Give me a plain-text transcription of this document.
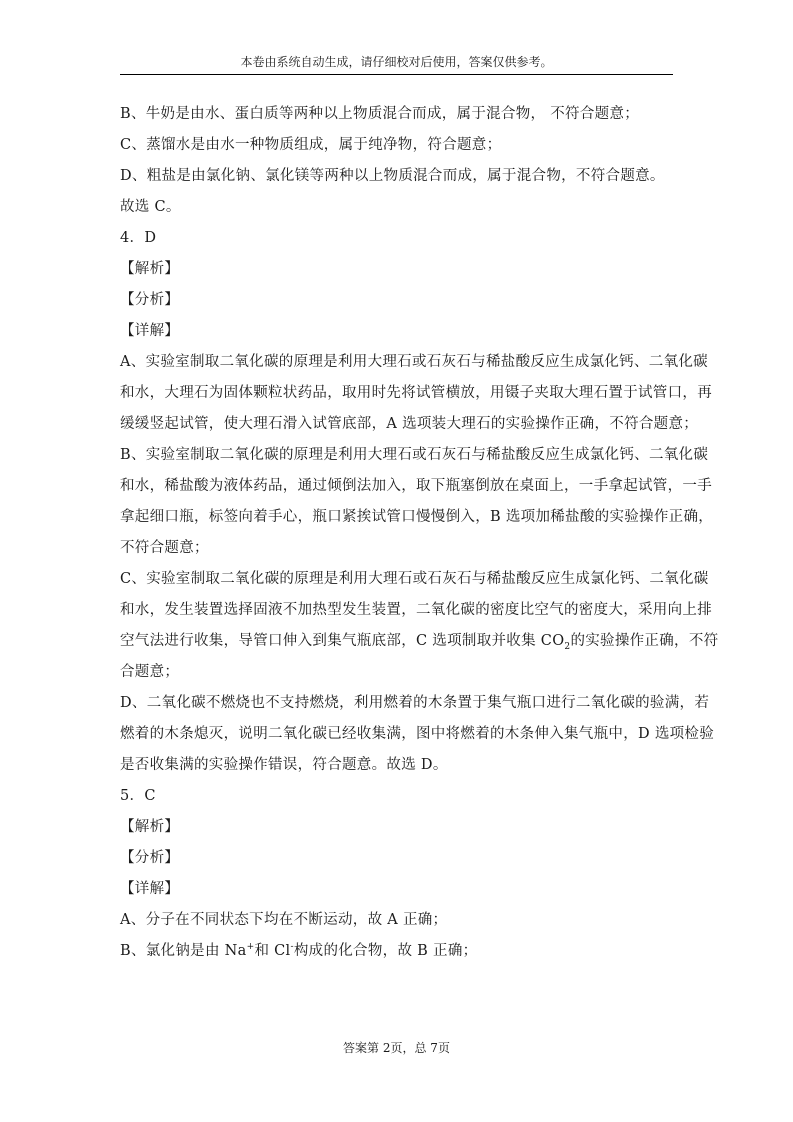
本卷由系统自动生成，请仔细校对后使用，答案仅供参考。
B、牛奶是由水、蛋白质等两种以上物质混合而成，属于混合物， 不符合题意；
C、蒸馏水是由水一种物质组成，属于纯净物，符合题意；
D、粗盐是由氯化钠、氯化镁等两种以上物质混合而成，属于混合物，不符合题意。
故选 C。
4．D
【解析】
【分析】
【详解】
A、实验室制取二氧化碳的原理是利用大理石或石灰石与稀盐酸反应生成氯化钙、二氧化碳
和水，大理石为固体颗粒状药品，取用时先将试管横放，用镊子夹取大理石置于试管口，再
缓缓竖起试管，使大理石滑入试管底部，A 选项装大理石的实验操作正确，不符合题意；
B、实验室制取二氧化碳的原理是利用大理石或石灰石与稀盐酸反应生成氯化钙、二氧化碳
和水，稀盐酸为液体药品，通过倾倒法加入，取下瓶塞倒放在桌面上，一手拿起试管，一手
拿起细口瓶，标签向着手心，瓶口紧挨试管口慢慢倒入，B 选项加稀盐酸的实验操作正确，
不符合题意；
C、实验室制取二氧化碳的原理是利用大理石或石灰石与稀盐酸反应生成氯化钙、二氧化碳
和水，发生装置选择固液不加热型发生装置，二氧化碳的密度比空气的密度大，采用向上排
空气法进行收集，导管口伸入到集气瓶底部，C 选项制取并收集 $CO_2$的实验操作正确，不符
合题意；
D、二氧化碳不燃烧也不支持燃烧，利用燃着的木条置于集气瓶口进行二氧化碳的验满，若
燃着的木条熄灭，说明二氧化碳已经收集满，图中将燃着的木条伸入集气瓶中，D 选项检验
是否收集满的实验操作错误，符合题意。故选 D。
5．C
【解析】
【分析】
【详解】
A、分子在不同状态下均在不断运动，故 A 正确；
B、氯化钠是由 Na+和 Cl-构成的化合物，故 B 正确；
答案第 2页，总 7页
